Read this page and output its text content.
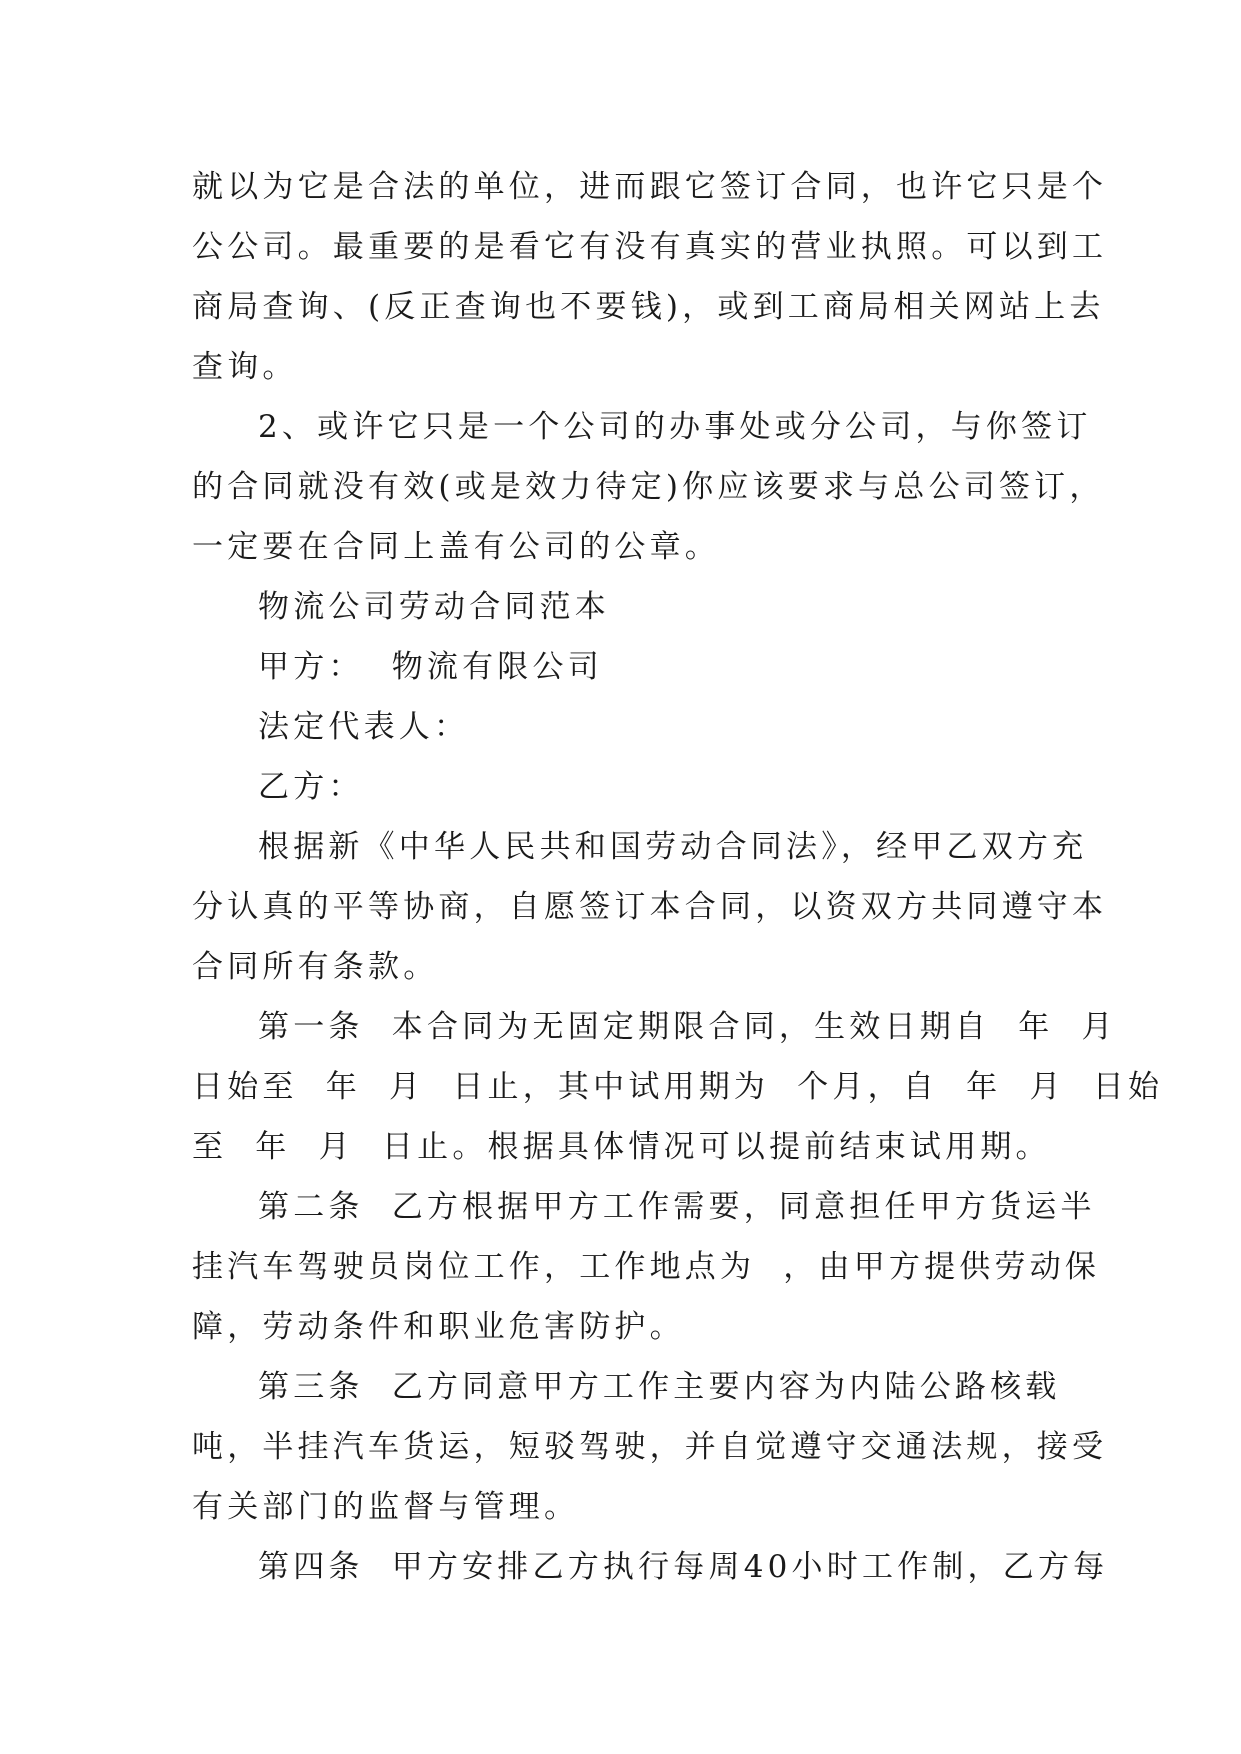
就以为它是合法的单位，进而跟它签订合同，也许它只是个
公公司。最重要的是看它有没有真实的营业执照。可以到工
商局查询、(反正查询也不要钱)，或到工商局相关网站上去
查询。
2、或许它只是一个公司的办事处或分公司，与你签订
的合同就没有效(或是效力待定)你应该要求与总公司签订，
一定要在合同上盖有公司的公章。
物流公司劳动合同范本
甲方：  物流有限公司
法定代表人：
乙方：
根据新《中华人民共和国劳动合同法》，经甲乙双方充
分认真的平等协商，自愿签订本合同，以资双方共同遵守本
合同所有条款。
第一条  本合同为无固定期限合同，生效日期自  年  月
日始至  年  月  日止，其中试用期为  个月，自  年  月  日始
至  年  月  日止。根据具体情况可以提前结束试用期。
第二条  乙方根据甲方工作需要，同意担任甲方货运半
挂汽车驾驶员岗位工作，工作地点为  ，由甲方提供劳动保
障，劳动条件和职业危害防护。
第三条  乙方同意甲方工作主要内容为内陆公路核载
吨，半挂汽车货运，短驳驾驶，并自觉遵守交通法规，接受
有关部门的监督与管理。
第四条  甲方安排乙方执行每周40小时工作制，乙方每
